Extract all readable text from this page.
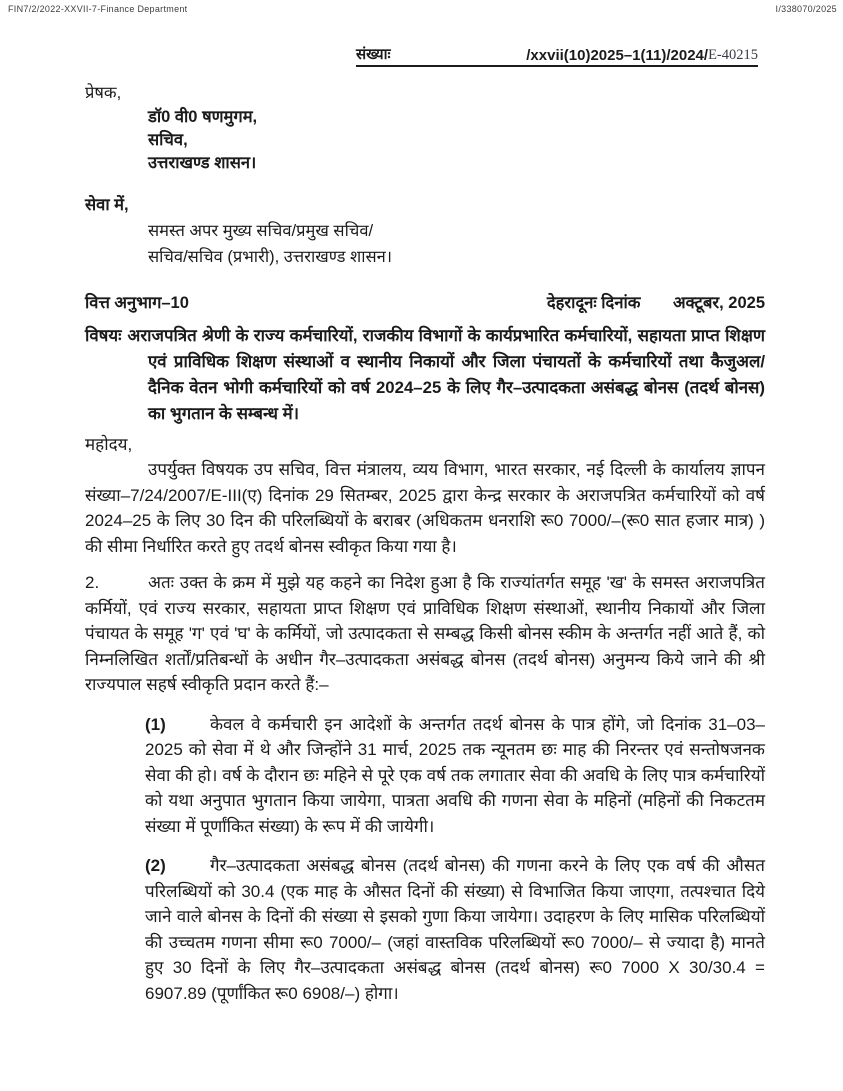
FIN7/2/2022-XXVII-7-Finance Department	I/338070/2025
संख्याः	/xxvii(10)2025–1(11)/2024/ E-40215
प्रेषक,
डॉ0 वी0 षणमुगम,
सचिव,
उत्तराखण्ड शासन।
सेवा में,
समस्त अपर मुख्य सचिव/प्रमुख सचिव/
सचिव/सचिव (प्रभारी), उत्तराखण्ड शासन।
वित्त अनुभाग–10	देहरादूनः दिनांक अक्टूबर, 2025
विषयः अराजपत्रित श्रेणी के राज्य कर्मचारियों, राजकीय विभागों के कार्यप्रभारित कर्मचारियों, सहायता प्राप्त शिक्षण एवं प्राविधिक शिक्षण संस्थाओं व स्थानीय निकायों और जिला पंचायतों के कर्मचारियों तथा कैजुअल/दैनिक वेतन भोगी कर्मचारियों को वर्ष 2024–25 के लिए गैर–उत्पादकता असंबद्ध बोनस (तदर्थ बोनस) का भुगतान के सम्बन्ध में।
महोदय,

उपर्युक्त विषयक उप सचिव, वित्त मंत्रालय, व्यय विभाग, भारत सरकार, नई दिल्ली के कार्यालय ज्ञापन संख्या–7/24/2007/E-III(ए) दिनांक 29 सितम्बर, 2025 द्वारा केन्द्र सरकार के अराजपत्रित कर्मचारियों को वर्ष 2024–25 के लिए 30 दिन की परिलब्धियों के बराबर (अधिकतम धनराशि रू0 7000/–(रू0 सात हजार मात्र) ) की सीमा निर्धारित करते हुए तदर्थ बोनस स्वीकृत किया गया है।

2.	अतः उक्त के क्रम में मुझे यह कहने का निदेश हुआ है कि राज्यांतर्गत समूह 'ख' के समस्त अराजपत्रित कर्मियों, एवं राज्य सरकार, सहायता प्राप्त शिक्षण एवं प्राविधिक शिक्षण संस्थाओं, स्थानीय निकायों और जिला पंचायत के समूह 'ग' एवं 'घ' के कर्मियों, जो उत्पादकता से सम्बद्ध किसी बोनस स्कीम के अन्तर्गत नहीं आते हैं, को निम्नलिखित शर्तों/प्रतिबन्धों के अधीन गैर–उत्पादकता असंबद्ध बोनस (तदर्थ बोनस) अनुमन्य किये जाने की श्री राज्यपाल सहर्ष स्वीकृति प्रदान करते हैं:–

(1)	केवल वे कर्मचारी इन आदेशों के अन्तर्गत तदर्थ बोनस के पात्र होंगे, जो दिनांक 31–03–2025 को सेवा में थे और जिन्होंने 31 मार्च, 2025 तक न्यूनतम छः माह की निरन्तर एवं सन्तोषजनक सेवा की हो। वर्ष के दौरान छः महिने से पूरे एक वर्ष तक लगातार सेवा की अवधि के लिए पात्र कर्मचारियों को यथा अनुपात भुगतान किया जायेगा, पात्रता अवधि की गणना सेवा के महिनों (महिनों की निकटतम संख्या में पूर्णांकित संख्या) के रूप में की जायेगी।

(2)	गैर–उत्पादकता असंबद्ध बोनस (तदर्थ बोनस) की गणना करने के लिए एक वर्ष की औसत परिलब्धियों को 30.4 (एक माह के औसत दिनों की संख्या) से विभाजित किया जाएगा, तत्पश्चात दिये जाने वाले बोनस के दिनों की संख्या से इसको गुणा किया जायेगा। उदाहरण के लिए मासिक परिलब्धियों की उच्चतम गणना सीमा रू0 7000/– (जहां वास्तविक परिलब्धियों रू0 7000/– से ज्यादा है) मानते हुए 30 दिनों के लिए गैर–उत्पादकता असंबद्ध बोनस (तदर्थ बोनस) रू0 7000 X 30/30.4 = 6907.89 (पूर्णांकित रू0 6908/–) होगा।
